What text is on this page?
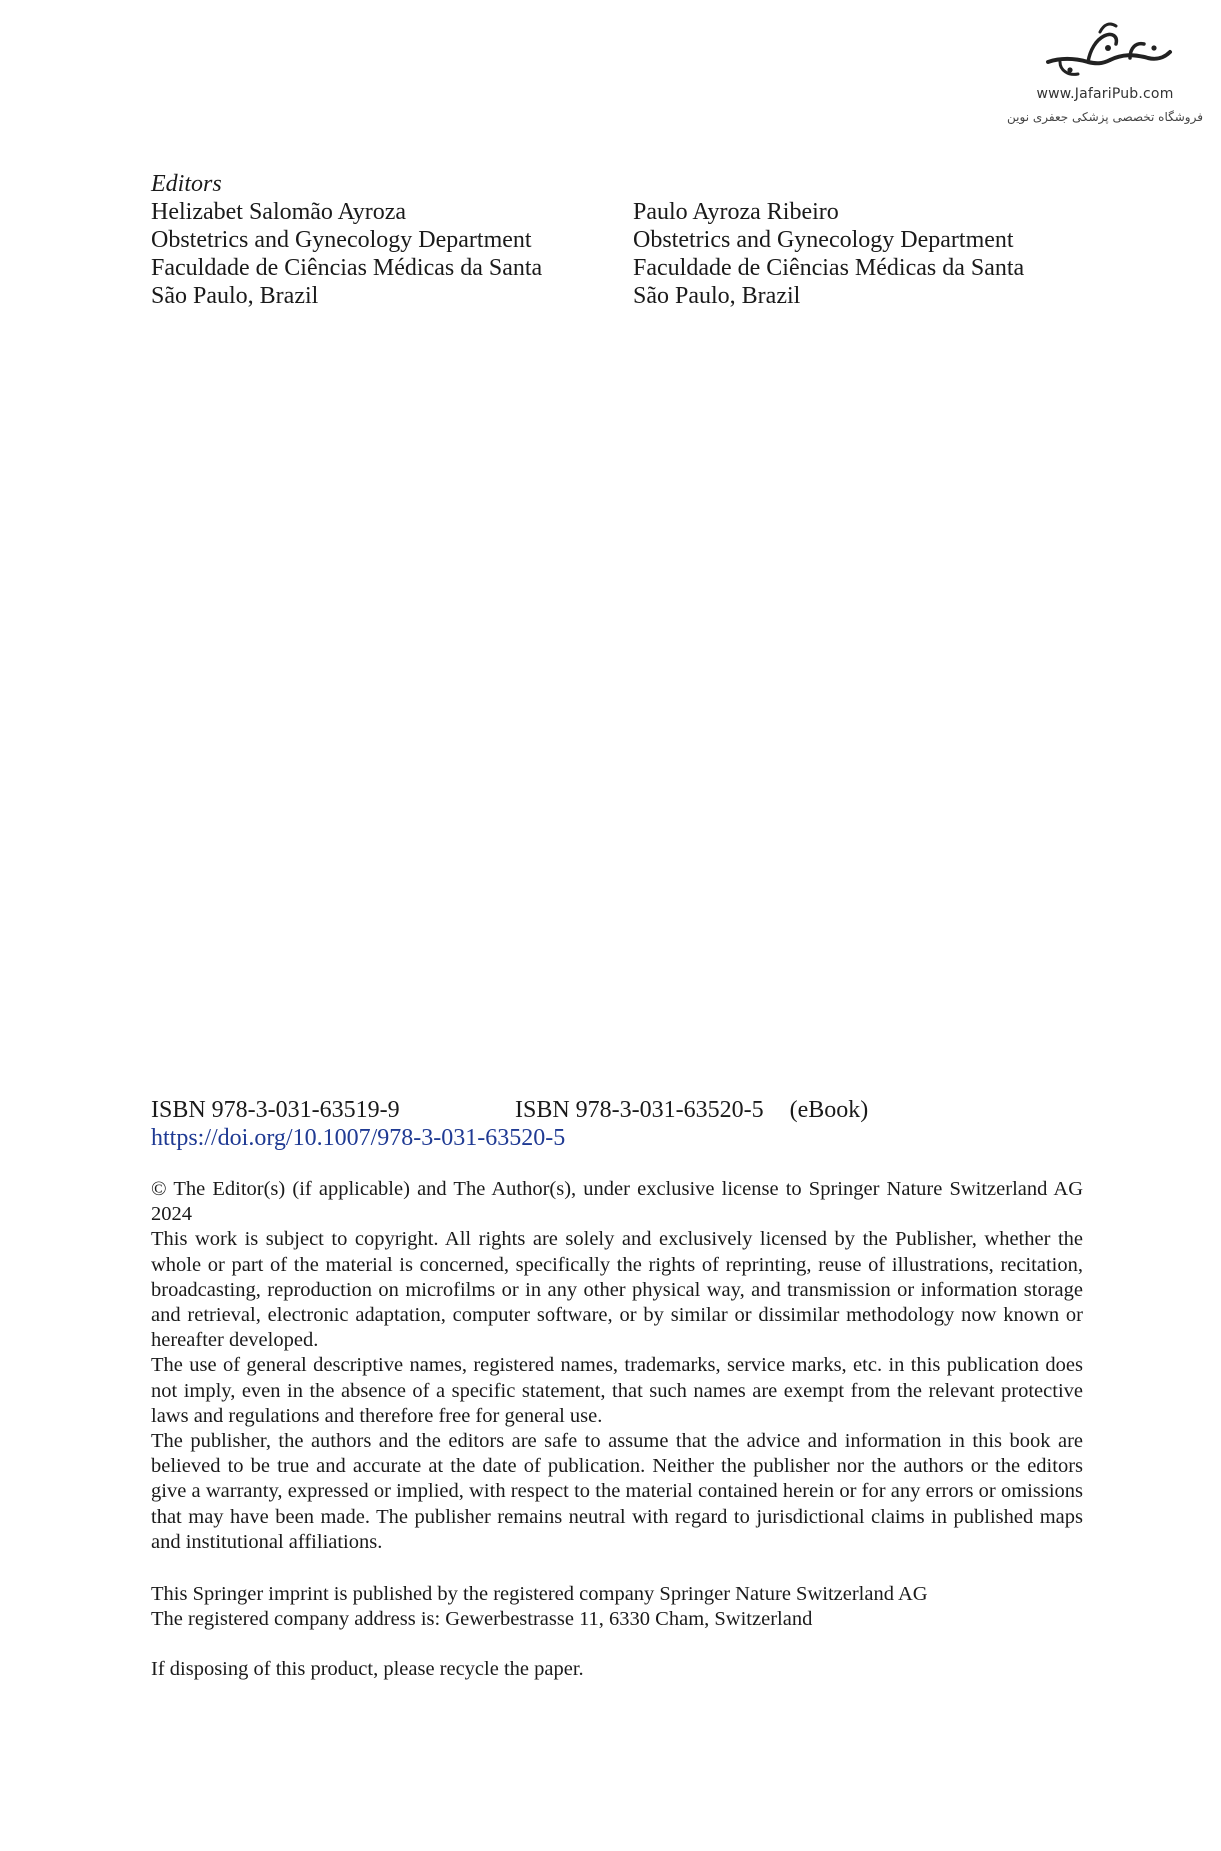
www.JafariPub.com
فروشگاه تخصصی پزشکی جعفری نوین
Editors
Helizabet Salomão Ayroza
Obstetrics and Gynecology Department
Faculdade de Ciências Médicas da Santa
São Paulo, Brazil
Paulo Ayroza Ribeiro
Obstetrics and Gynecology Department
Faculdade de Ciências Médicas da Santa
São Paulo, Brazil
ISBN 978-3-031-63519-9	ISBN 978-3-031-63520-5 (eBook)
https://doi.org/10.1007/978-3-031-63520-5

© The Editor(s) (if applicable) and The Author(s), under exclusive license to Springer Nature Switzerland AG 2024

This work is subject to copyright. All rights are solely and exclusively licensed by the Publisher, whether the whole or part of the material is concerned, specifically the rights of reprinting, reuse of illustrations, recitation, broadcasting, reproduction on microfilms or in any other physical way, and transmission or information storage and retrieval, electronic adaptation, computer software, or by similar or dissimilar methodology now known or hereafter developed.

The use of general descriptive names, registered names, trademarks, service marks, etc. in this publication does not imply, even in the absence of a specific statement, that such names are exempt from the relevant protective laws and regulations and therefore free for general use.

The publisher, the authors and the editors are safe to assume that the advice and information in this book are believed to be true and accurate at the date of publication. Neither the publisher nor the authors or the editors give a warranty, expressed or implied, with respect to the material contained herein or for any errors or omissions that may have been made. The publisher remains neutral with regard to jurisdictional claims in published maps and institutional affiliations.

This Springer imprint is published by the registered company Springer Nature Switzerland AG

The registered company address is: Gewerbestrasse 11, 6330 Cham, Switzerland

If disposing of this product, please recycle the paper.
